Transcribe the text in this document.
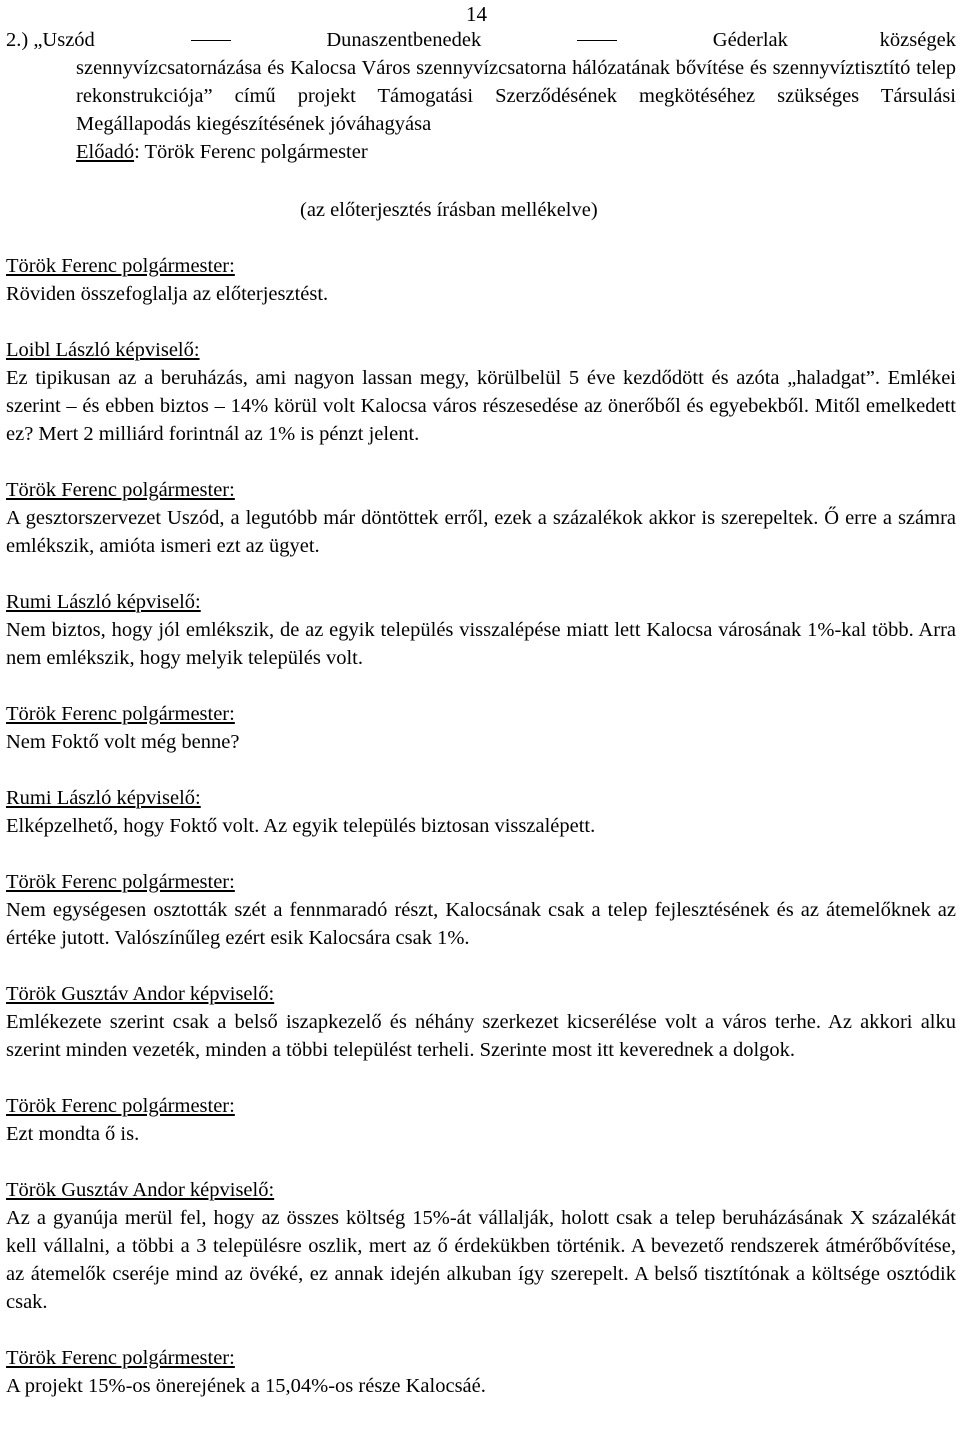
14
2.) „Uszód	Dunaszentbenedek	Géderlak	községek
szennyvízcsatornázása és Kalocsa Város szennyvízcsatorna hálózatának bővítése és szennyvíztisztító telep rekonstrukciója” című projekt Támogatási Szerződésének megkötéséhez szükséges Társulási Megállapodás kiegészítésének jóváhagyása
Előadó: Török Ferenc polgármester
(az előterjesztés írásban mellékelve)
Török Ferenc polgármester:
Röviden összefoglalja az előterjesztést.
Loibl László képviselő:
Ez tipikusan az a beruházás, ami nagyon lassan megy, körülbelül 5 éve kezdődött és azóta „haladgat”. Emlékei szerint – és ebben biztos – 14% körül volt Kalocsa város részesedése az önerőből és egyebekből. Mitől emelkedett ez? Mert 2 milliárd forintnál az 1% is pénzt jelent.
Török Ferenc polgármester:
A gesztorszervezet Uszód, a legutóbb már döntöttek erről, ezek a százalékok akkor is szerepeltek. Ő erre a számra emlékszik, amióta ismeri ezt az ügyet.
Rumi László képviselő:
Nem biztos, hogy jól emlékszik, de az egyik település visszalépése miatt lett Kalocsa városának 1%-kal több. Arra nem emlékszik, hogy melyik település volt.
Török Ferenc polgármester:
Nem Foktő volt még benne?
Rumi László képviselő:
Elképzelhető, hogy Foktő volt. Az egyik település biztosan visszalépett.
Török Ferenc polgármester:
Nem egységesen osztották szét a fennmaradó részt, Kalocsának csak a telep fejlesztésének és az átemelőknek az értéke jutott. Valószínűleg ezért esik Kalocsára csak 1%.
Török Gusztáv Andor képviselő:
Emlékezete szerint csak a belső iszapkezelő és néhány szerkezet kicserélése volt a város terhe. Az akkori alku szerint minden vezeték, minden a többi települést terheli. Szerinte most itt keverednek a dolgok.
Török Ferenc polgármester:
Ezt mondta ő is.
Török Gusztáv Andor képviselő:
Az a gyanúja merül fel, hogy az összes költség 15%-át vállalják, holott csak a telep beruházásának X százalékát kell vállalni, a többi a 3 településre oszlik, mert az ő érdekükben történik. A bevezető rendszerek átmérőbővítése, az átemelők cseréje mind az övéké, ez annak idején alkuban így szerepelt. A belső tisztítónak a költsége osztódik csak.
Török Ferenc polgármester:
A projekt 15%-os önerejének a 15,04%-os része Kalocsáé.
